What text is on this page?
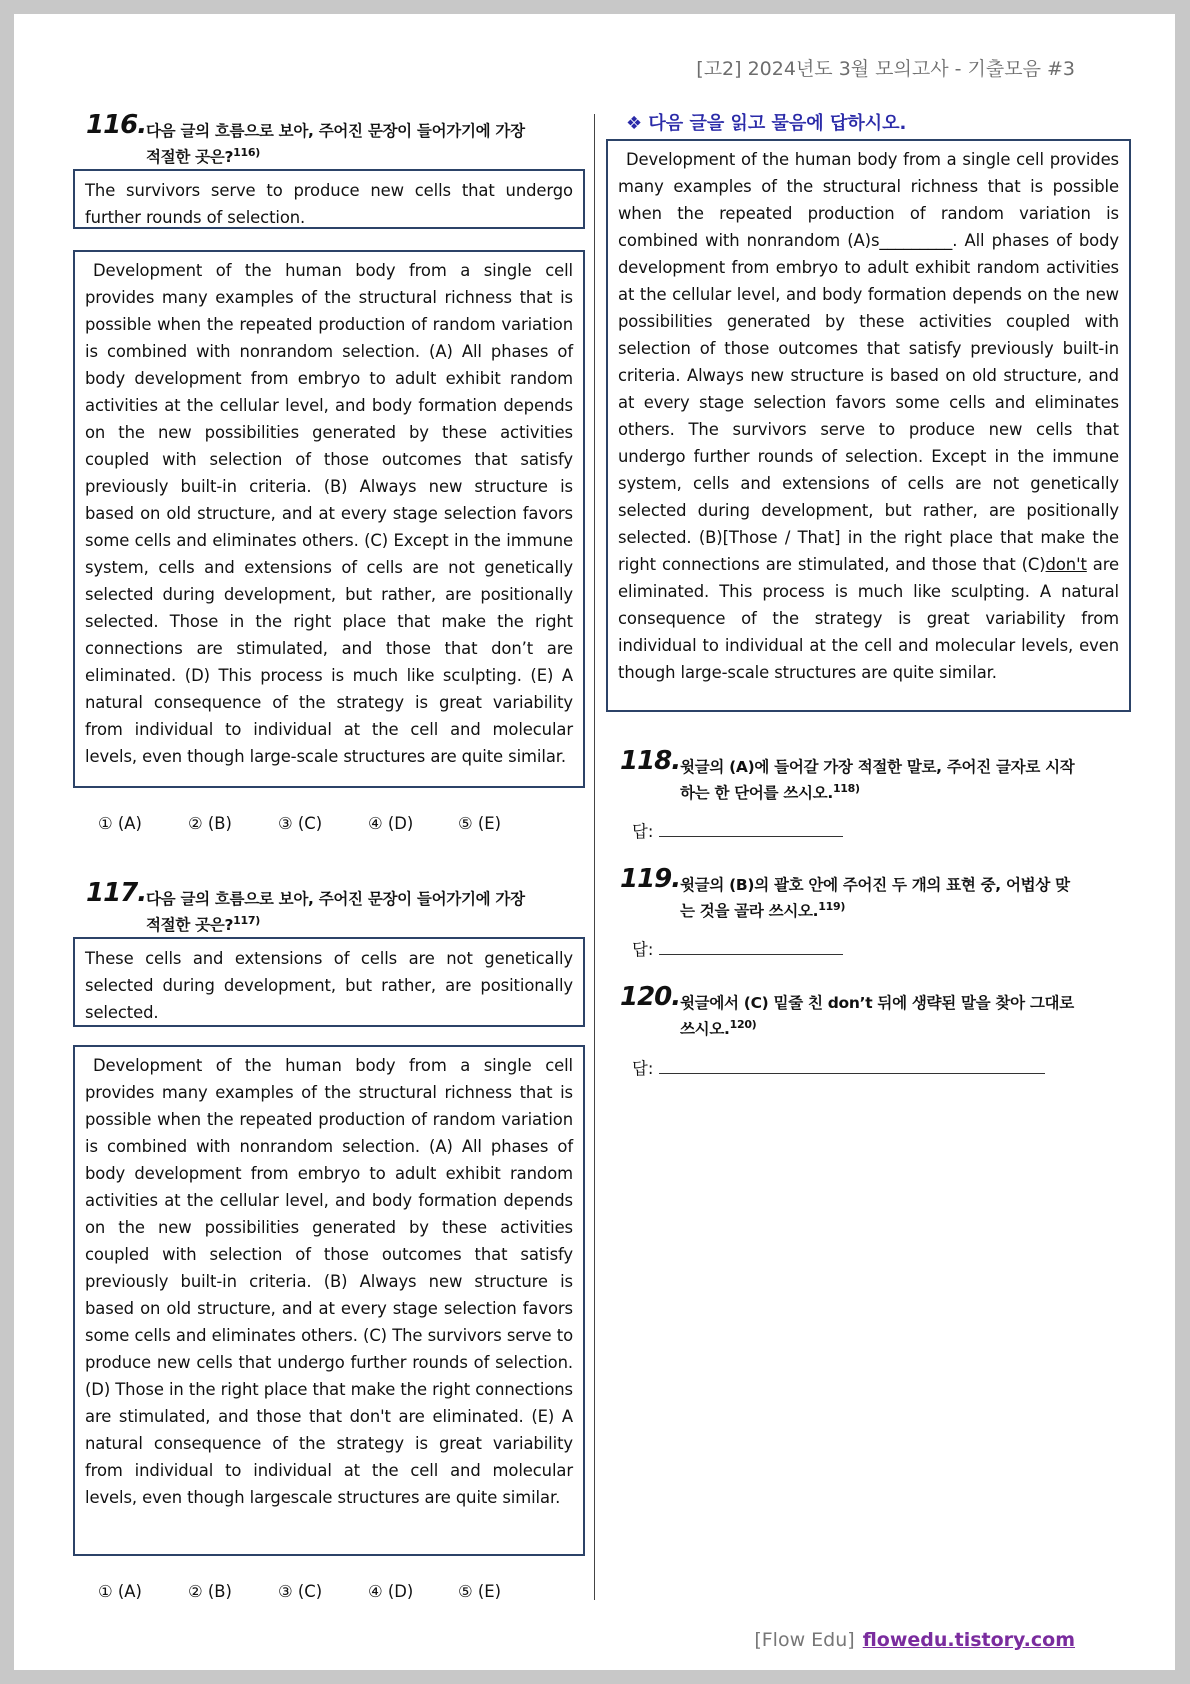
[고2] 2024년도 3월 모의고사 - 기출모음 #3
116. 다음 글의 흐름으로 보아, 주어진 문장이 들어가기에 가장
적절한 곳은?$^{116)}$

The survivors serve to produce new cells that undergo further rounds of selection.

Development of the human body from a single cell provides many examples of the structural richness that is possible when the repeated production of random variation is combined with nonrandom selection. (A) All phases of body development from embryo to adult exhibit random activities at the cellular level, and body formation depends on the new possibilities generated by these activities coupled with selection of those outcomes that satisfy previously built-in criteria. (B) Always new structure is based on old structure, and at every stage selection favors some cells and eliminates others. (C) Except in the immune system, cells and extensions of cells are not genetically selected during development, but rather, are positionally selected. Those in the right place that make the right connections are stimulated, and those that don’t are eliminated. (D) This process is much like sculpting. (E) A natural consequence of the strategy is great variability from individual to individual at the cell and molecular levels, even though large-scale structures are quite similar.

① (A)	② (B)	③ (C)	④ (D)	⑤ (E)
117. 다음 글의 흐름으로 보아, 주어진 문장이 들어가기에 가장
적절한 곳은?$^{117)}$

These cells and extensions of cells are not genetically selected during development, but rather, are positionally selected.

Development of the human body from a single cell provides many examples of the structural richness that is possible when the repeated production of random variation is combined with nonrandom selection. (A) All phases of body development from embryo to adult exhibit random activities at the cellular level, and body formation depends on the new possibilities generated by these activities coupled with selection of those outcomes that satisfy previously built-in criteria. (B) Always new structure is based on old structure, and at every stage selection favors some cells and eliminates others. (C) The survivors serve to produce new cells that undergo further rounds of selection. (D) Those in the right place that make the right connections are stimulated, and those that don't are eliminated. (E) A natural consequence of the strategy is great variability from individual to individual at the cell and molecular levels, even though largescale structures are quite similar.

① (A)	② (B)	③ (C)	④ (D)	⑤ (E)
❖ 다음 글을 읽고 물음에 답하시오.

Development of the human body from a single cell provides many examples of the structural richness that is possible when the repeated production of random variation is combined with nonrandom (A)s_________. All phases of body development from embryo to adult exhibit random activities at the cellular level, and body formation depends on the new possibilities generated by these activities coupled with selection of those outcomes that satisfy previously built-in criteria. Always new structure is based on old structure, and at every stage selection favors some cells and eliminates others. The survivors serve to produce new cells that undergo further rounds of selection. Except in the immune system, cells and extensions of cells are not genetically selected during development, but rather, are positionally selected. (B)[Those / That] in the right place that make the right connections are stimulated, and those that (C)don't are eliminated. This process is much like sculpting. A natural consequence of the strategy is great variability from individual to individual at the cell and molecular levels, even though large-scale structures are quite similar.

118. 윗글의 (A)에 들어갈 가장 적절한 말로, 주어진 글자로 시작
하는 한 단어를 쓰시오.$^{118)}$
답:
119. 윗글의 (B)의 괄호 안에 주어진 두 개의 표현 중, 어법상 맞
는 것을 골라 쓰시오.$^{119)}$
답:
120. 윗글에서 (C) 밑줄 친 don’t 뒤에 생략된 말을 찾아 그대로
쓰시오.$^{120)}$
답:
[Flow Edu] flowedu.tistory.com
